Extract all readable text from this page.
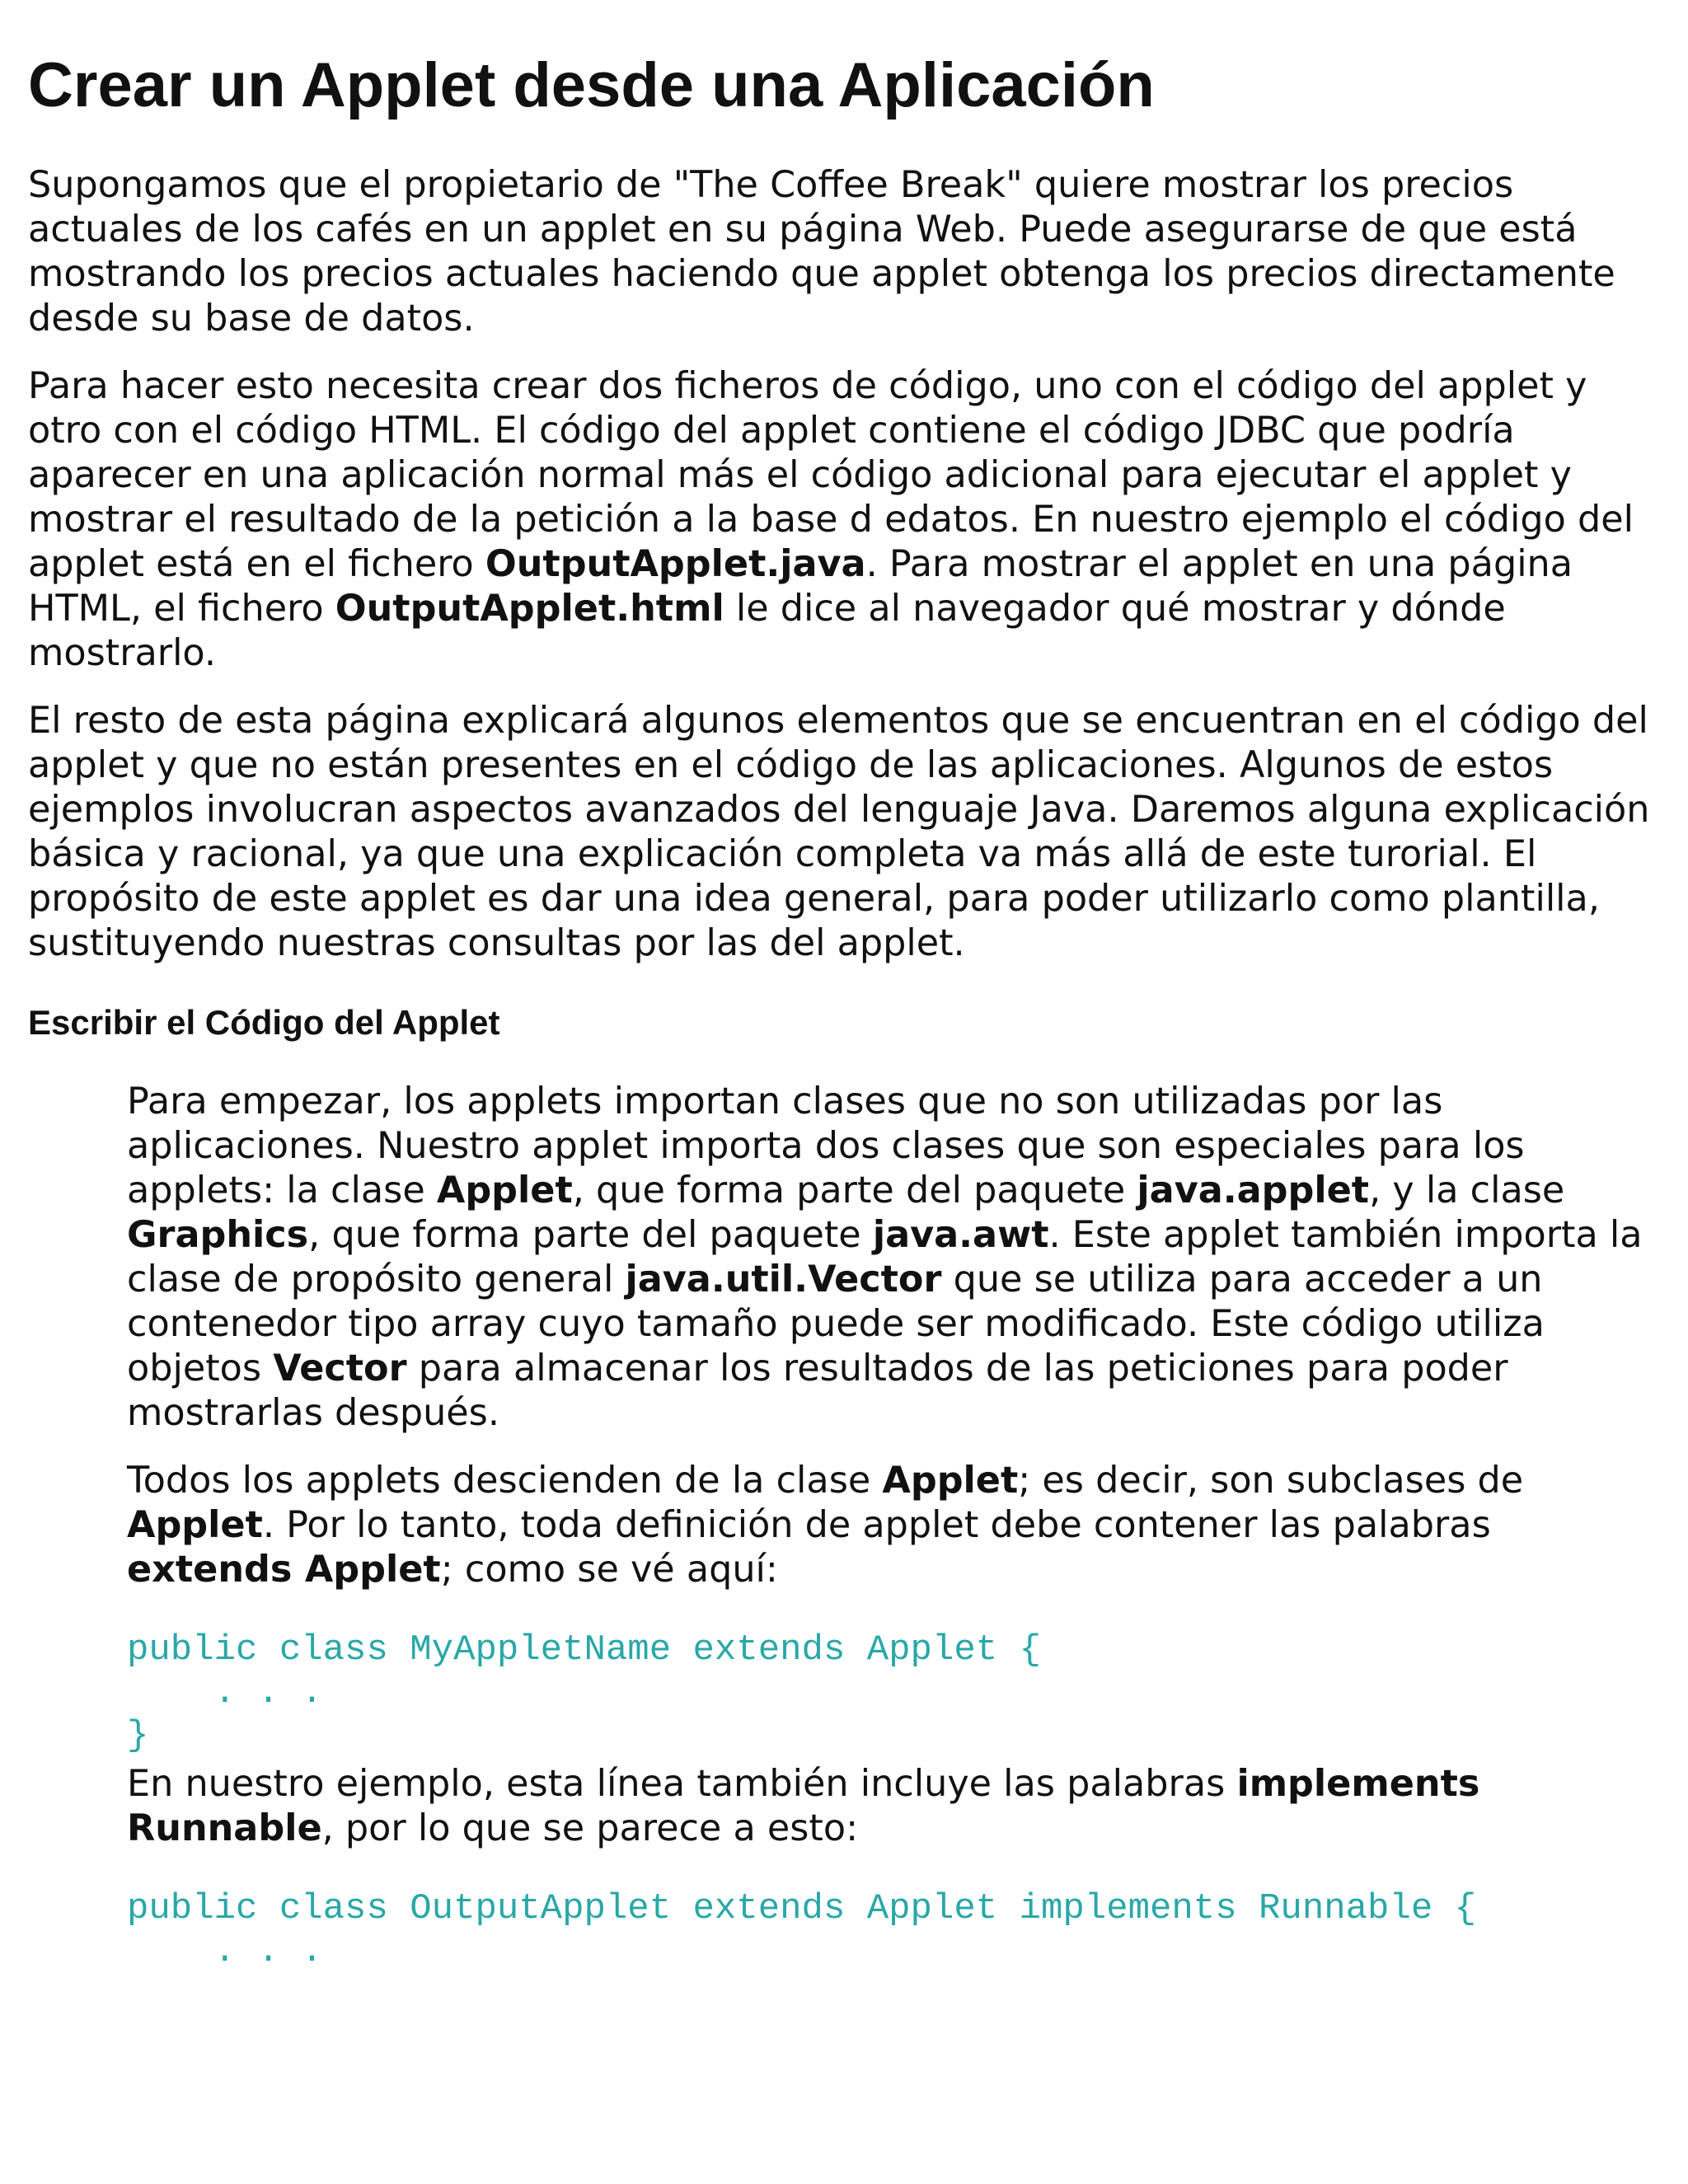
Crear un Applet desde una Aplicación

Supongamos que el propietario de "The Coffee Break" quiere mostrar los precios actuales de los cafés en un applet en su página Web. Puede asegurarse de que está mostrando los precios actuales haciendo que applet obtenga los precios directamente desde su base de datos.

Para hacer esto necesita crear dos ficheros de código, uno con el código del applet y otro con el código HTML. El código del applet contiene el código JDBC que podría aparecer en una aplicación normal más el código adicional para ejecutar el applet y mostrar el resultado de la petición a la base d edatos. En nuestro ejemplo el código del applet está en el fichero OutputApplet.java. Para mostrar el applet en una página HTML, el fichero OutputApplet.html le dice al navegador qué mostrar y dónde mostrarlo.

El resto de esta página explicará algunos elementos que se encuentran en el código del applet y que no están presentes en el código de las aplicaciones. Algunos de estos ejemplos involucran aspectos avanzados del lenguaje Java. Daremos alguna explicación básica y racional, ya que una explicación completa va más allá de este turorial. El propósito de este applet es dar una idea general, para poder utilizarlo como plantilla, sustituyendo nuestras consultas por las del applet.

Escribir el Código del Applet

Para empezar, los applets importan clases que no son utilizadas por las aplicaciones. Nuestro applet importa dos clases que son especiales para los applets: la clase Applet, que forma parte del paquete java.applet, y la clase Graphics, que forma parte del paquete java.awt. Este applet también importa la clase de propósito general java.util.Vector que se utiliza para acceder a un contenedor tipo array cuyo tamaño puede ser modificado. Este código utiliza objetos Vector para almacenar los resultados de las peticiones para poder mostrarlas después.

Todos los applets descienden de la clase Applet; es decir, son subclases de Applet. Por lo tanto, toda definición de applet debe contener las palabras extends Applet; como se vé aquí:

public class MyAppletName extends Applet {
. . .
}

En nuestro ejemplo, esta línea también incluye las palabras implements Runnable, por lo que se parece a esto:

public class OutputApplet extends Applet implements Runnable {
. . .
